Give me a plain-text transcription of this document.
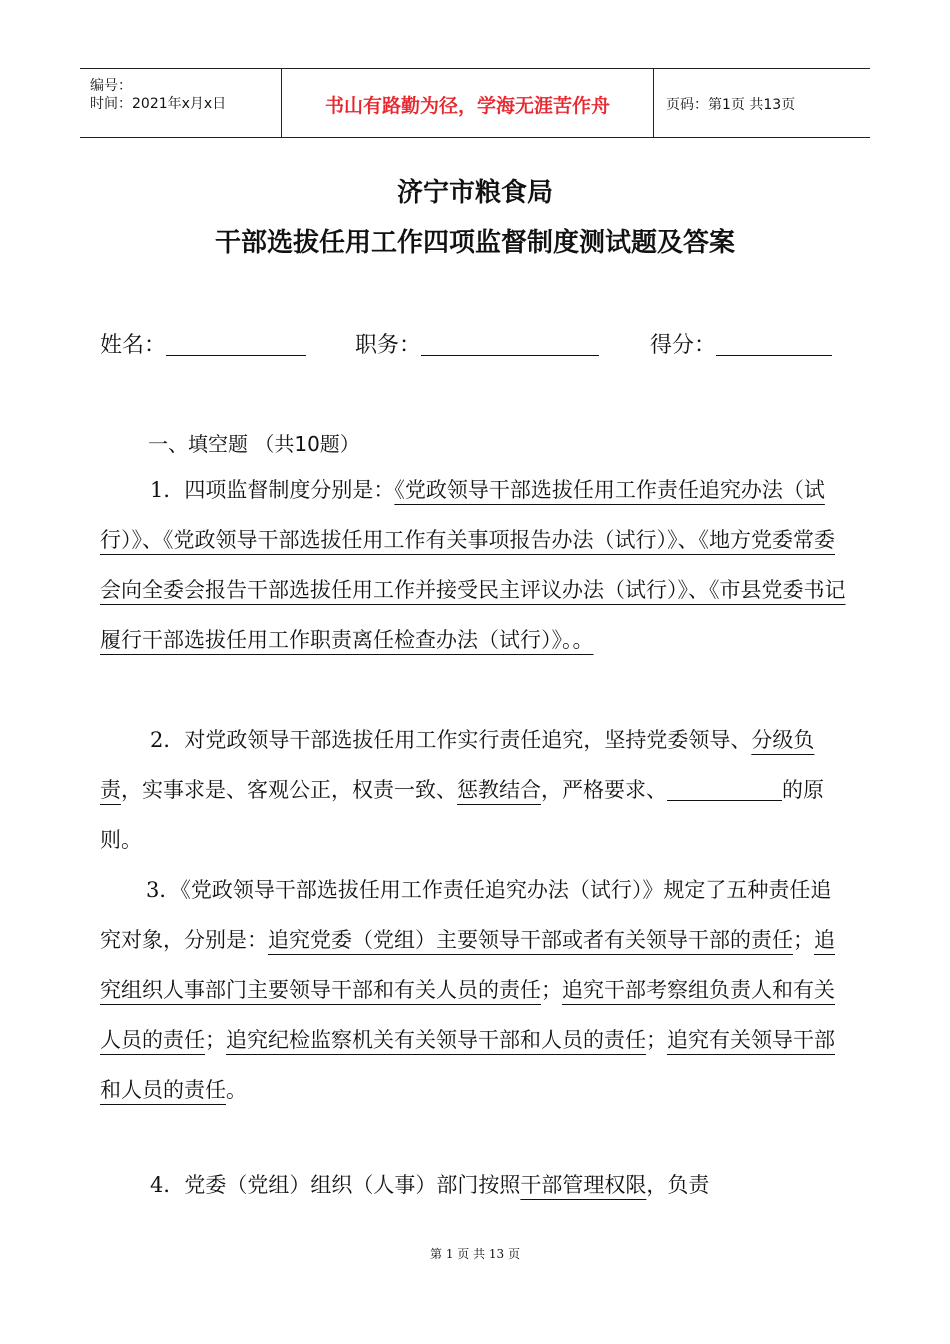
编号：
时间：2021年x月x日	书山有路勤为径，学海无涯苦作舟	页码：第1页 共13页
济宁市粮食局
干部选拔任用工作四项监督制度测试题及答案
姓名：	职务：	得分：
一、填空题 （共10题）
1．四项监督制度分别是：《党政领导干部选拔任用工作责任追究办法（试行）》、《党政领导干部选拔任用工作有关事项报告办法（试行）》、《地方党委常委会向全委会报告干部选拔任用工作并接受民主评议办法（试行）》、《市县党委书记履行干部选拔任用工作职责离任检查办法（试行）》。。
2．对党政领导干部选拔任用工作实行责任追究，坚持党委领导、分级负责，实事求是、客观公正，权责一致、惩教结合，严格要求、	的原则。
3．《党政领导干部选拔任用工作责任追究办法（试行）》规定了五种责任追究对象，分别是：追究党委（党组）主要领导干部或者有关领导干部的责任；追究组织人事部门主要领导干部和有关人员的责任；追究干部考察组负责人和有关人员的责任；追究纪检监察机关有关领导干部和人员的责任；追究有关领导干部和人员的责任。
4．党委（党组）组织（人事）部门按照干部管理权限，负责
第 1 页 共 13 页
